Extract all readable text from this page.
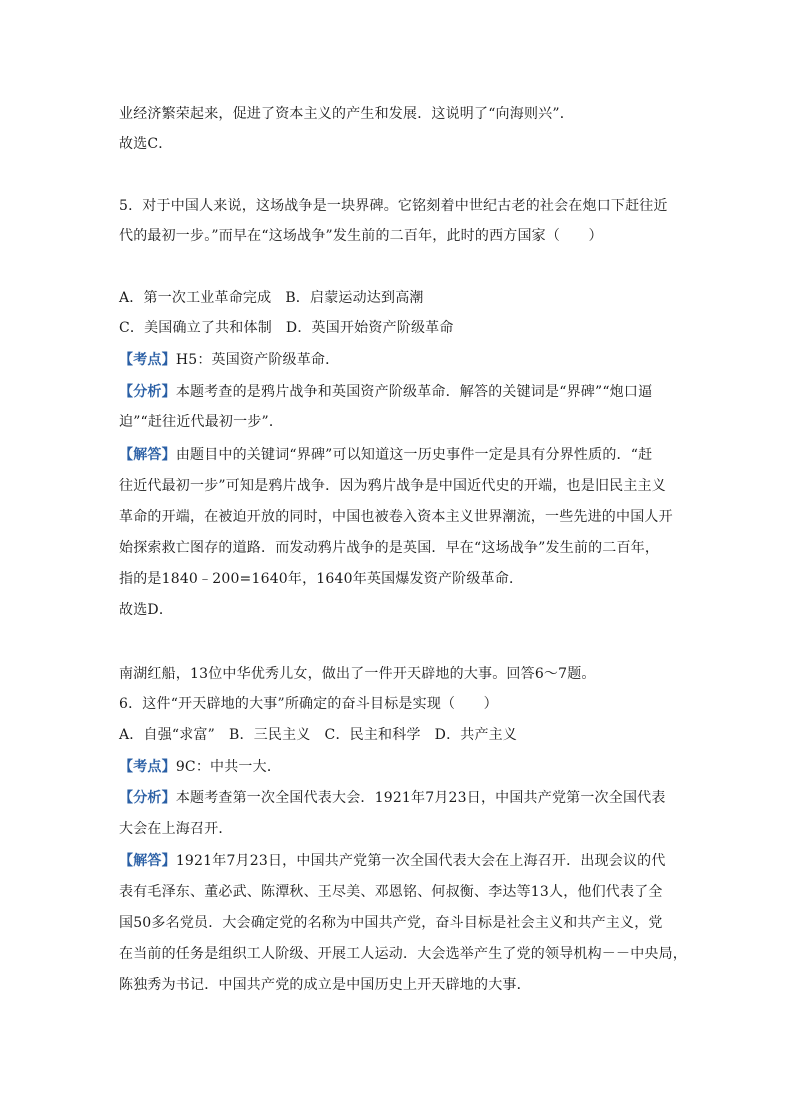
业经济繁荣起来，促进了资本主义的产生和发展．这说明了“向海则兴”．
故选C．
5．对于中国人来说，这场战争是一块界碑。它铭刻着中世纪古老的社会在炮口下赶往近
代的最初一步。”而早在“这场战争”发生前的二百年，此时的西方国家（　　）
A．第一次工业革命完成 B．启蒙运动达到高潮
C．美国确立了共和体制 D．英国开始资产阶级革命
【考点】H5：英国资产阶级革命．
【分析】本题考查的是鸦片战争和英国资产阶级革命．解答的关键词是“界碑”“炮口逼
迫”“赶往近代最初一步”．
【解答】由题目中的关键词“界碑”可以知道这一历史事件一定是具有分界性质的．“赶
往近代最初一步”可知是鸦片战争．因为鸦片战争是中国近代史的开端，也是旧民主主义
革命的开端，在被迫开放的同时，中国也被卷入资本主义世界潮流，一些先进的中国人开
始探索救亡图存的道路．而发动鸦片战争的是英国．早在“这场战争”发生前的二百年，
指的是1840﹣200=1640年，1640年英国爆发资产阶级革命．
故选D．
南湖红船，13位中华优秀儿女，做出了一件开天辟地的大事。回答6～7题。
6．这件“开天辟地的大事”所确定的奋斗目标是实现（　　）
A．自强“求富” B．三民主义 C．民主和科学 D．共产主义
【考点】9C：中共一大．
【分析】本题考查第一次全国代表大会．1921年7月23日，中国共产党第一次全国代表
大会在上海召开．
【解答】1921年7月23日，中国共产党第一次全国代表大会在上海召开．出现会议的代
表有毛泽东、董必武、陈潭秋、王尽美、邓恩铭、何叔衡、李达等13人，他们代表了全
国50多名党员．大会确定党的名称为中国共产党，奋斗目标是社会主义和共产主义，党
在当前的任务是组织工人阶级、开展工人运动．大会选举产生了党的领导机构－－中央局，
陈独秀为书记．中国共产党的成立是中国历史上开天辟地的大事．
